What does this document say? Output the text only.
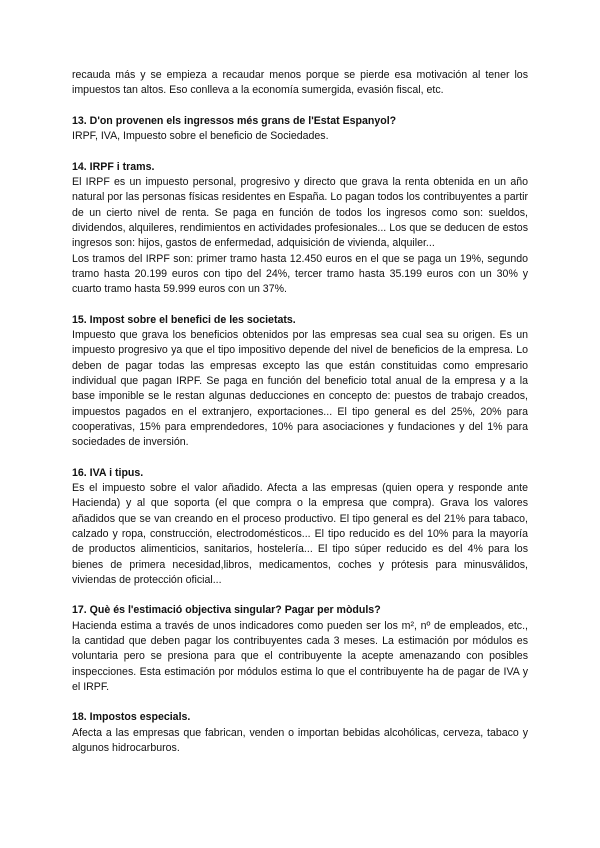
recauda más y se empieza a recaudar menos porque se pierde esa motivación al tener los impuestos tan altos. Eso conlleva a la economía sumergida, evasión fiscal, etc.

13. D'on provenen els ingressos més grans de l'Estat Espanyol?

IRPF, IVA, Impuesto sobre el beneficio de Sociedades.

14. IRPF i trams.

El IRPF es un impuesto personal, progresivo y directo que grava la renta obtenida en un año natural por las personas físicas residentes en España. Lo pagan todos los contribuyentes a partir de un cierto nivel de renta. Se paga en función de todos los ingresos como son: sueldos, dividendos, alquileres, rendimientos en actividades profesionales... Los que se deducen de estos ingresos son: hijos, gastos de enfermedad, adquisición de vivienda, alquiler...

Los tramos del IRPF son: primer tramo hasta 12.450 euros en el que se paga un 19%, segundo tramo hasta 20.199 euros con tipo del 24%, tercer tramo hasta 35.199 euros con un 30% y cuarto tramo hasta 59.999 euros con un 37%.

15. Impost sobre el benefici de les societats.

Impuesto que grava los beneficios obtenidos por las empresas sea cual sea su origen. Es un impuesto progresivo ya que el tipo impositivo depende del nivel de beneficios de la empresa. Lo deben de pagar todas las empresas excepto las que están constituidas como empresario individual que pagan IRPF. Se paga en función del beneficio total anual de la empresa y a la base imponible se le restan algunas deducciones en concepto de: puestos de trabajo creados, impuestos pagados en el extranjero, exportaciones... El tipo general es del 25%, 20% para cooperativas, 15% para emprendedores, 10% para asociaciones y fundaciones y del 1% para sociedades de inversión.

16. IVA i tipus.

Es el impuesto sobre el valor añadido. Afecta a las empresas (quien opera y responde ante Hacienda) y al que soporta (el que compra o la empresa que compra). Grava los valores añadidos que se van creando en el proceso productivo. El tipo general es del 21% para tabaco, calzado y ropa, construcción, electrodomésticos... El tipo reducido es del 10% para la mayoría de productos alimenticios, sanitarios, hostelería... El tipo súper reducido es del 4% para los bienes de primera necesidad,libros, medicamentos, coches y prótesis para minusválidos, viviendas de protección oficial...

17. Què és l'estimació objectiva singular? Pagar per mòduls?

Hacienda estima a través de unos indicadores como pueden ser los m², nº de empleados, etc., la cantidad que deben pagar los contribuyentes cada 3 meses. La estimación por módulos es voluntaria pero se presiona para que el contribuyente la acepte amenazando con posibles inspecciones. Esta estimación por módulos estima lo que el contribuyente ha de pagar de IVA y el IRPF.

18. Impostos especials.

Afecta a las empresas que fabrican, venden o importan bebidas alcohólicas, cerveza, tabaco y algunos hidrocarburos.
